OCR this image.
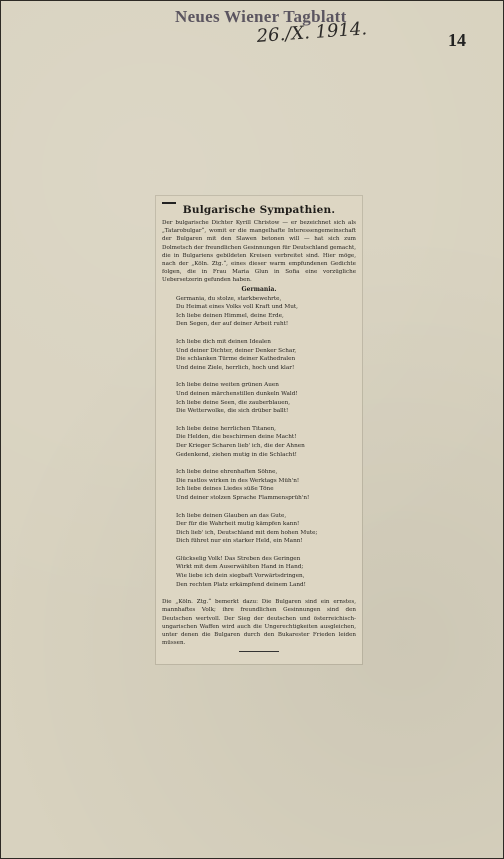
Neues Wiener Tagblatt
26./X. 1914.	14
Bulgarische Sympathien.

Der bulgarische Dichter Kyrill Christow — er bezeichnet sich als „Tatarobulgar“, womit er die mangelhafte Interessengemeinschaft der Bulgaren mit den Slawen betonen will — hat sich zum Dolmetsch der freundlichen Gesinnungen für Deutschland gemacht, die in Bulgariens gebildeten Kreisen verbreitet sind. Hier möge, nach der „Köln. Ztg.“, eines dieser warm empfundenen Gedichte folgen, die in Frau Maria Glun in Sofia eine vorzügliche Uebersetzerin gefunden haben.

Germania.
Germania, du stolze, starkbewehrte,
Du Heimat eines Volks voll Kraft und Mut,
Ich liebe deinen Himmel, deine Erde,
Den Segen, der auf deiner Arbeit ruht!
Ich liebe dich mit deinen Idealen
Und deiner Dichter, deiner Denker Schar,
Die schlanken Türme deiner Kathedralen
Und deine Ziele, herrlich, hoch und klar!
Ich liebe deine weiten grünen Auen
Und deinen märchenstillen dunkeln Wald!
Ich liebe deine Seen, die zauberblauen,
Die Wetterwolke, die sich drüber ballt!
Ich liebe deine herrlichen Titanen,
Die Helden, die beschirmen deine Macht!
Der Krieger Scharen lieb' ich, die der Ahnen
Gedenkend, ziehen mutig in die Schlacht!
Ich liebe deine ehrenhaften Söhne,
Die rastlos wirken in des Werktags Müh'n!
Ich liebe deines Liedes süße Töne
Und deiner stolzen Sprache Flammensprüh'n!
Ich liebe deinen Glauben an das Gute,
Der für die Wahrheit mutig kämpfen kann!
Dich lieb' ich, Deutschland mit dem hohen Mute;
Dich führet nur ein starker Held, ein Mann!
Glückselig Volk! Das Streben des Geringen
Wirkt mit dem Auserwählten Hand in Hand;
Wie liebe ich dein siegbaft Vorwärtsdringen,
Den rechten Platz erkämpfend deinem Land!

Die „Köln. Ztg.“ bemerkt dazu: Die Bulgaren sind ein ernstes, mannhaftes Volk; ihre freundlichen Gesinnungen sind den Deutschen wertvoll. Der Sieg der deutschen und österreichisch-ungarischen Waffen wird auch die Ungerechtigkeiten ausgleichen, unter denen die Bulgaren durch den Bukarester Frieden leiden müssen.
